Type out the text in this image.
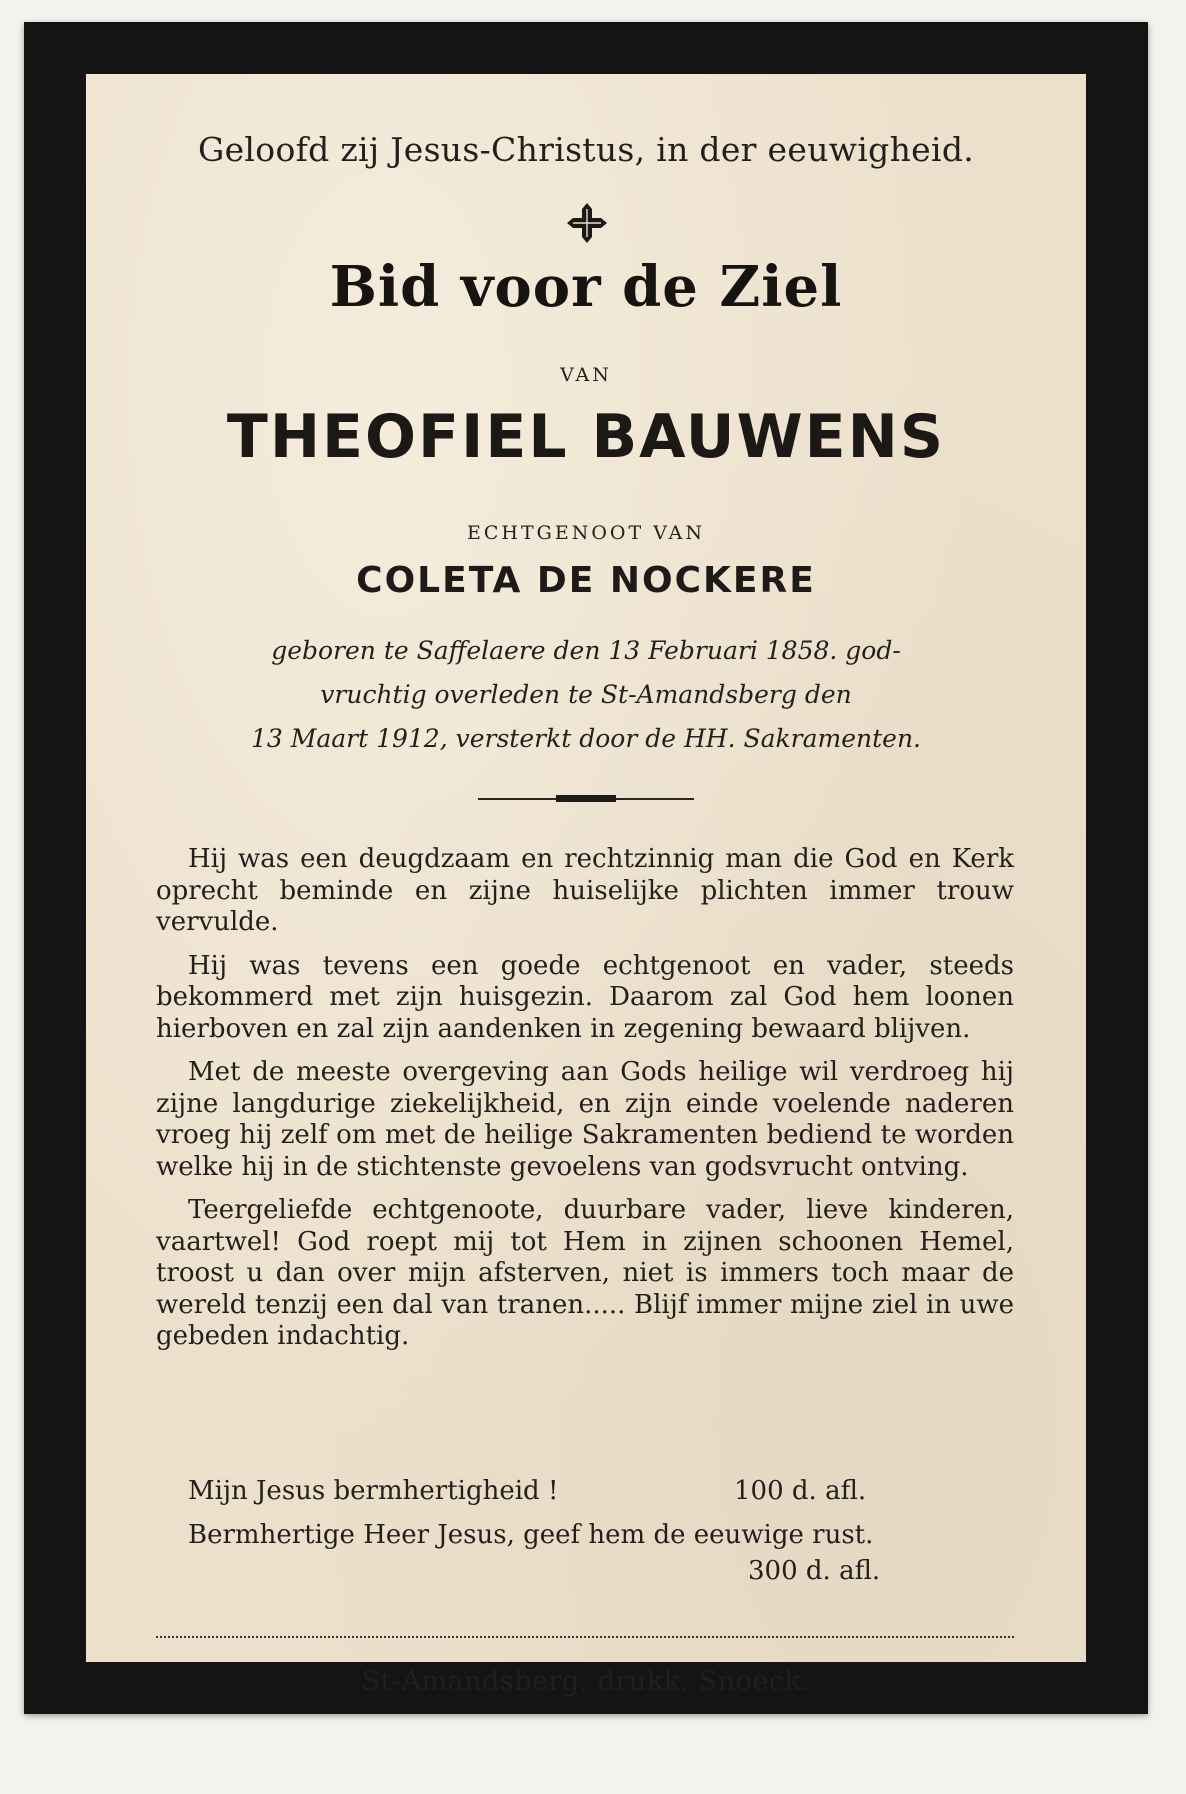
Geloofd zij Jesus-Christus, in der eeuwigheid.
Bid voor de Ziel
VAN
THEOFIEL BAUWENS
ECHTGENOOT VAN
COLETA DE NOCKERE
geboren te Saffelaere den 13 Februari 1858. god-
vruchtig overleden te St-Amandsberg den
13 Maart 1912, versterkt door de HH. Sakramenten.

Hij was een deugdzaam en rechtzinnig man die God en Kerk oprecht beminde en zijne huiselijke plichten immer trouw vervulde.

Hij was tevens een goede echtgenoot en vader, steeds bekommerd met zijn huisgezin. Daarom zal God hem loonen hierboven en zal zijn aandenken in zegening bewaard blijven.

Met de meeste overgeving aan Gods heilige wil verdroeg hij zijne langdurige ziekelijkheid, en zijn einde voelende naderen vroeg hij zelf om met de heilige Sakramenten bediend te worden welke hij in de stichtenste gevoelens van godsvrucht ontving.

Teergeliefde echtgenoote, duurbare vader, lieve kinderen, vaartwel! God roept mij tot Hem in zijnen schoonen Hemel, troost u dan over mijn afsterven, niet is immers toch maar de wereld tenzij een dal van tranen..... Blijf immer mijne ziel in uwe gebeden indachtig.

Mijn Jesus bermhertigheid !	100 d. afl.
Bermhertige Heer Jesus, geef hem de eeuwige rust.
300 d. afl.
St-Amandsberg, drukk. Snoeck.
